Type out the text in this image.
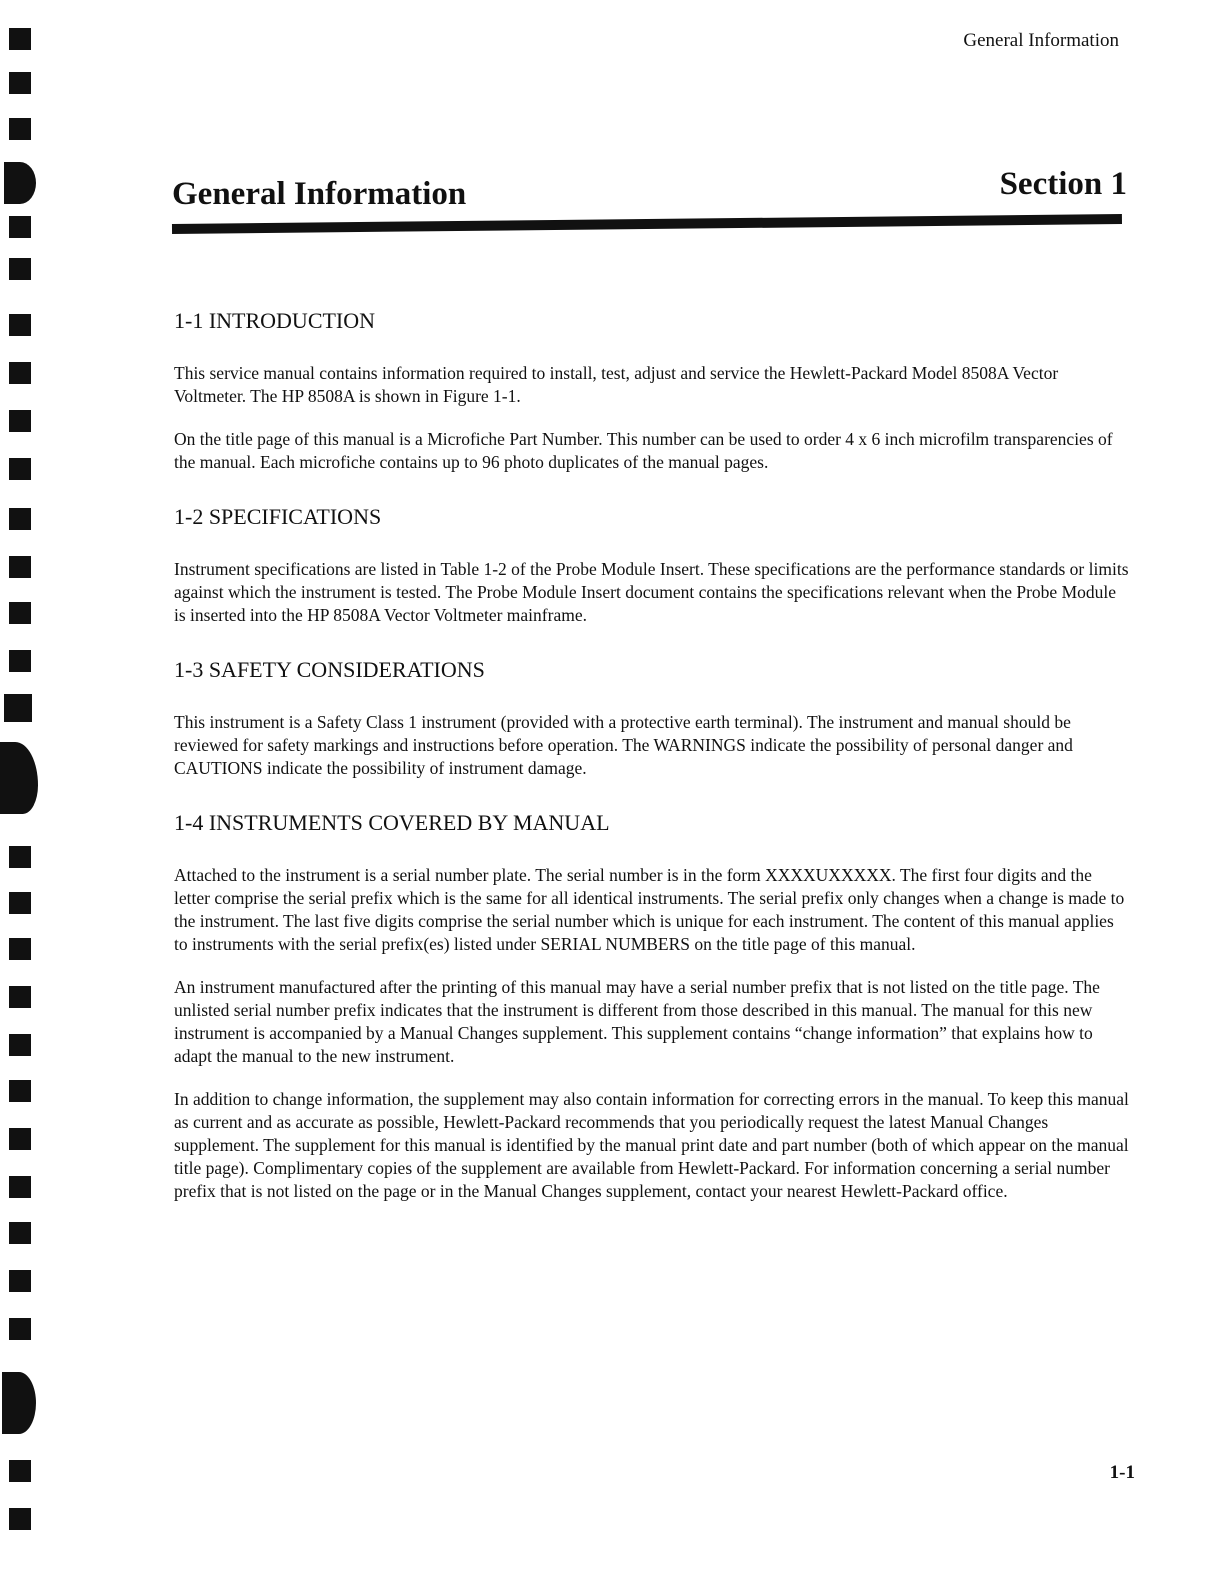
General Information
General Information	Section 1
1-1 INTRODUCTION

This service manual contains information required to install, test, adjust and service the Hewlett-Packard Model 8508A Vector Voltmeter. The HP 8508A is shown in Figure 1-1.

On the title page of this manual is a Microfiche Part Number. This number can be used to order 4 x 6 inch microfilm transparencies of the manual. Each microfiche contains up to 96 photo duplicates of the manual pages.

1-2 SPECIFICATIONS

Instrument specifications are listed in Table 1-2 of the Probe Module Insert. These specifications are the performance standards or limits against which the instrument is tested. The Probe Module Insert document contains the specifications relevant when the Probe Module is inserted into the HP 8508A Vector Voltmeter mainframe.

1-3 SAFETY CONSIDERATIONS

This instrument is a Safety Class 1 instrument (provided with a protective earth terminal). The instrument and manual should be reviewed for safety markings and instructions before operation. The WARNINGS indicate the possibility of personal danger and CAUTIONS indicate the possibility of instrument damage.

1-4 INSTRUMENTS COVERED BY MANUAL

Attached to the instrument is a serial number plate. The serial number is in the form XXXXUXXXXX. The first four digits and the letter comprise the serial prefix which is the same for all identical instruments. The serial prefix only changes when a change is made to the instrument. The last five digits comprise the serial number which is unique for each instrument. The content of this manual applies to instruments with the serial prefix(es) listed under SERIAL NUMBERS on the title page of this manual.

An instrument manufactured after the printing of this manual may have a serial number prefix that is not listed on the title page. The unlisted serial number prefix indicates that the instrument is different from those described in this manual. The manual for this new instrument is accompanied by a Manual Changes supplement. This supplement contains “change information” that explains how to adapt the manual to the new instrument.

In addition to change information, the supplement may also contain information for correcting errors in the manual. To keep this manual as current and as accurate as possible, Hewlett-Packard recommends that you periodically request the latest Manual Changes supplement. The supplement for this manual is identified by the manual print date and part number (both of which appear on the manual title page). Complimentary copies of the supplement are available from Hewlett-Packard. For information concerning a serial number prefix that is not listed on the page or in the Manual Changes supplement, contact your nearest Hewlett-Packard office.

1-1
